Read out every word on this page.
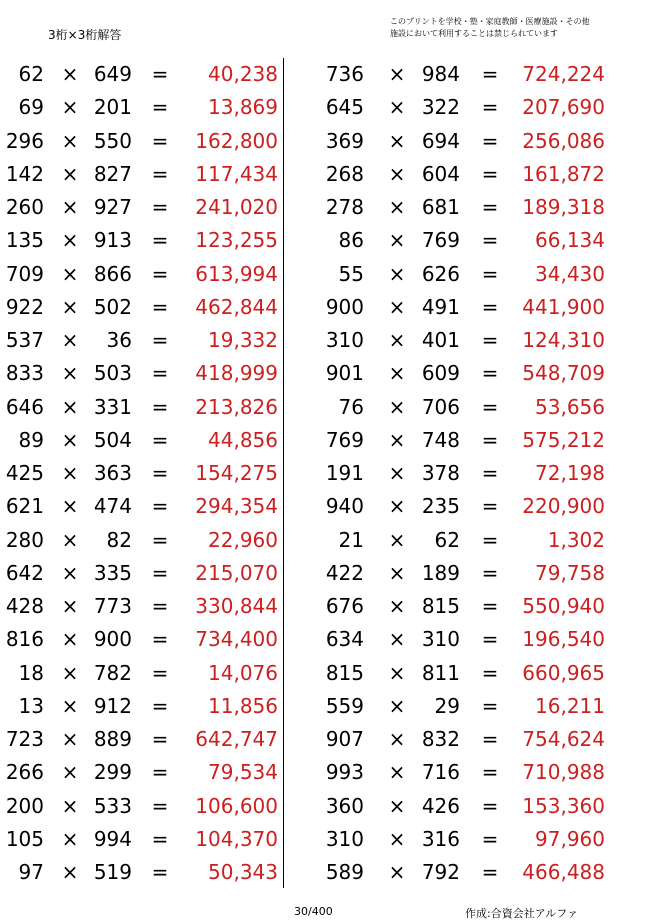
3桁×3桁解答
このプリントを学校・塾・家庭教師・医療施設・その他
施設において利用することは禁じられています
62 × 649 =	40,238
69 × 201 =	13,869
296 × 550 =	162,800
142 × 827 =	117,434
260 × 927 =	241,020
135 × 913 =	123,255
709 × 866 =	613,994
922 × 502 =	462,844
537 ×	36 =	19,332
833 × 503 =	418,999
646 × 331 =	213,826
89 × 504 =	44,856
425 × 363 =	154,275
621 × 474 =	294,354
280 ×	82 =	22,960
642 × 335 =	215,070
428 × 773 =	330,844
816 × 900 =	734,400
18 × 782 =	14,076
13 × 912 =	11,856
723 × 889 =	642,747
266 × 299 =	79,534
200 × 533 =	106,600
105 × 994 =	104,370
97 × 519 =	50,343
736 × 984 =	724,224
645 × 322 =	207,690
369 × 694 =	256,086
268 × 604 =	161,872
278 × 681 =	189,318
86 × 769 =	66,134
55 × 626 =	34,430
900 × 491 =	441,900
310 × 401 =	124,310
901 × 609 =	548,709
76 × 706 =	53,656
769 × 748 =	575,212
191 × 378 =	72,198
940 × 235 =	220,900
21 ×	62 =	1,302
422 × 189 =	79,758
676 × 815 =	550,940
634 × 310 =	196,540
815 × 811 =	660,965
559 ×	29 =	16,211
907 × 832 =	754,624
993 × 716 =	710,988
360 × 426 =	153,360
310 × 316 =	97,960
589 × 792 =	466,488
30/400	作成:合資会社アルファ
